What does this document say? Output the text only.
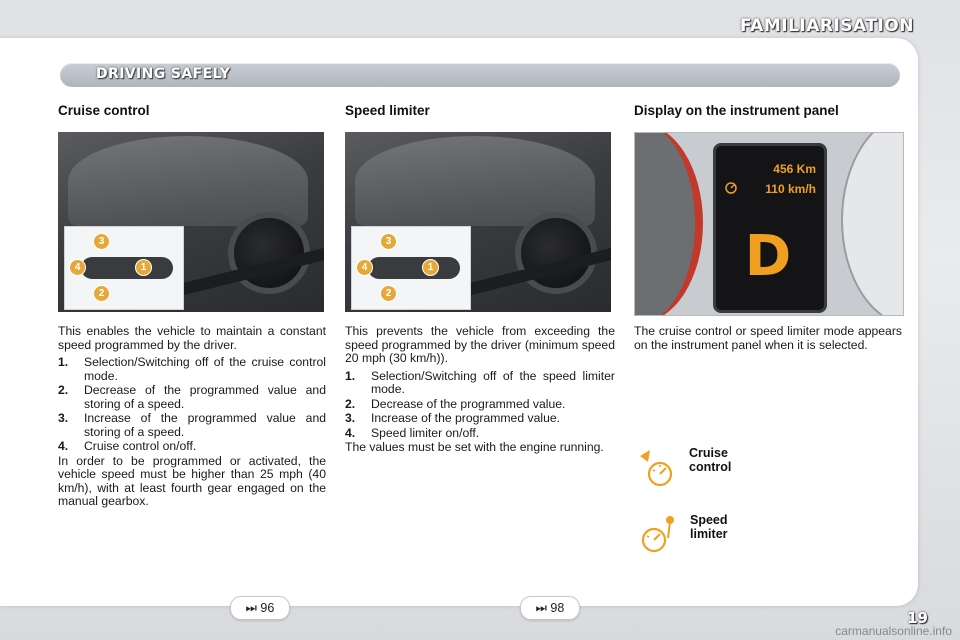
FAMILIARISATION
DRIVING SAFELY
Cruise control	Speed limiter	Display on the instrument panel
3
4	1
2
3
4	1
2
456 Km
110 km/h
D

This enables the vehicle to maintain a constant speed programmed by the driver.

1. Selection/Switching off of the cruise control mode.
2. Decrease of the programmed value and storing of a speed.
3. Increase of the programmed value and storing of a speed.
4. Cruise control on/off.

In order to be programmed or activated, the vehicle speed must be higher than 25 mph (40 km/h), with at least fourth gear engaged on the manual gearbox.

This prevents the vehicle from exceeding the speed programmed by the driver (minimum speed 20 mph (30 km/h)).

1. Selection/Switching off of the speed limiter mode.
2. Decrease of the programmed value.
3. Increase of the programmed value.
4. Speed limiter on/off.

The values must be set with the engine running.

The cruise control or speed limiter mode appears on the instrument panel when it is selected.

Cruise control
Speed limiter
⏭ 96	⏭ 98
19
carmanualsonline.info
